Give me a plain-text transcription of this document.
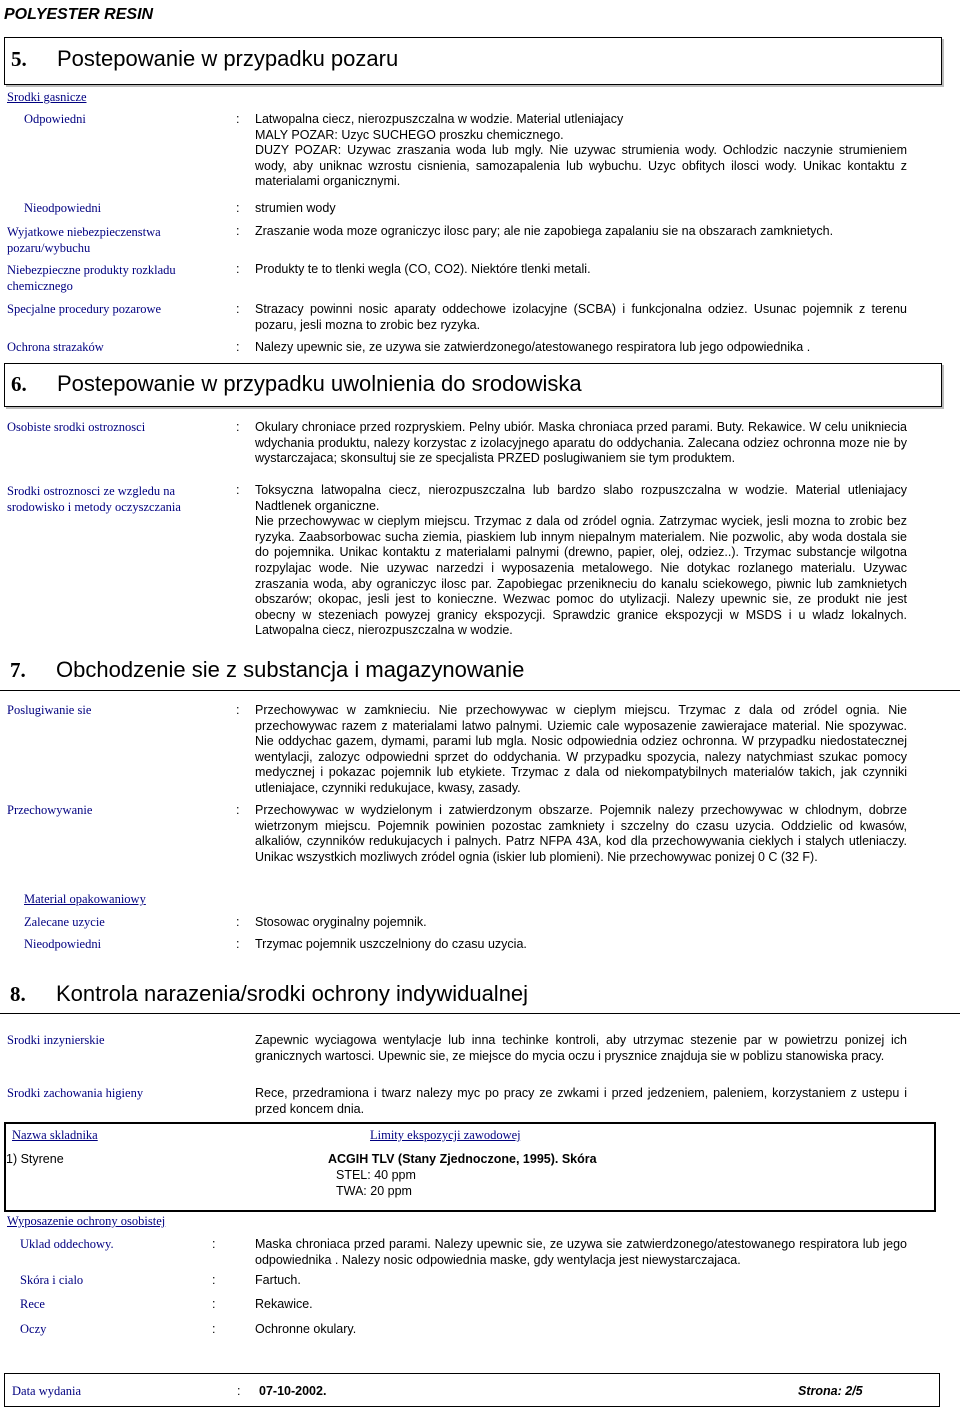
POLYESTER RESIN
5. Postepowanie w przypadku pozaru
Srodki gasnicze
Odpowiedni	: Latwopalna ciecz, nierozpuszczalna w wodzie. Material utleniajacy
MALY POZAR: Uzyc SUCHEGO proszku chemicznego.
DUZY POZAR: Uzywac zraszania woda lub mgly. Nie uzywac strumienia wody. Ochlodzic naczynie strumieniem wody, aby uniknac wzrostu cisnienia, samozapalenia lub wybuchu. Uzyc obfitych ilosci wody. Unikac kontaktu z materialami organicznymi.
Nieodpowiedni	: strumien wody
Wyjatkowe niebezpieczenstwa pozaru/wybuchu
: Zraszanie woda moze ograniczyc ilosc pary; ale nie zapobiega zapalaniu sie na obszarach zamknietych.
Niebezpieczne produkty rozkladu chemicznego
: Produkty te to tlenki wegla (CO, CO2). Niektóre tlenki metali.
Specjalne procedury pozarowe	: Strazacy powinni nosic aparaty oddechowe izolacyjne (SCBA) i funkcjonalna odziez. Usunac pojemnik z terenu pozaru, jesli mozna to zrobic bez ryzyka.
Ochrona strazaków	: Nalezy upewnic sie, ze uzywa sie zatwierdzonego/atestowanego respiratora lub jego odpowiednika .
6. Postepowanie w przypadku uwolnienia do srodowiska
Osobiste srodki ostroznosci	: Okulary chroniace przed rozpryskiem. Pelny ubiór. Maska chroniaca przed parami. Buty. Rekawice. W celu unikniecia wdychania produktu, nalezy korzystac z izolacyjnego aparatu do oddychania. Zalecana odziez ochronna moze nie by wystarczajaca; skonsultuj sie ze specjalista PRZED poslugiwaniem sie tym produktem.
Srodki ostroznosci ze wzgledu na srodowisko i metody oczyszczania
: Toksyczna latwopalna ciecz, nierozpuszczalna lub bardzo slabo rozpuszczalna w wodzie. Material utleniajacy Nadtlenek organiczne.
Nie przechowywac w cieplym miejscu. Trzymac z dala od zródel ognia. Zatrzymac wyciek, jesli mozna to zrobic bez ryzyka. Zaabsorbowac sucha ziemia, piaskiem lub innym niepalnym materialem. Nie pozwolic, aby woda dostala sie do pojemnika. Unikac kontaktu z materialami palnymi (drewno, papier, olej, odziez..). Trzymac substancje wilgotna rozpylajac wode. Nie uzywac narzedzi i wyposazenia metalowego. Nie dotykac rozlanego materialu. Uzywac zraszania woda, aby ograniczyc ilosc par. Zapobiegac przenikneciu do kanalu sciekowego, piwnic lub zamknietych obszarów; okopac, jesli jest to konieczne. Wezwac pomoc do utylizacji. Nalezy upewnic sie, ze produkt nie jest obecny w stezeniach powyzej granicy ekspozycji. Sprawdzic granice ekspozycji w MSDS i u wladz lokalnych. Latwopalna ciecz, nierozpuszczalna w wodzie.
7. Obchodzenie sie z substancja i magazynowanie
Poslugiwanie sie	: Przechowywac w zamknieciu. Nie przechowywac w cieplym miejscu. Trzymac z dala od zródel ognia. Nie przechowywac razem z materialami latwo palnymi. Uziemic cale wyposazenie zawierajace material. Nie spozywac. Nie oddychac gazem, dymami, parami lub mgla. Nosic odpowiednia odziez ochronna. W przypadku niedostatecznej wentylacji, zalozyc odpowiedni sprzet do oddychania. W przypadku spozycia, nalezy natychmiast szukac pomocy medycznej i pokazac pojemnik lub etykiete. Trzymac z dala od niekompatybilnych materialów takich, jak czynniki utleniajace, czynniki redukujace, kwasy, zasady.
Przechowywanie	: Przechowywac w wydzielonym i zatwierdzonym obszarze. Pojemnik nalezy przechowywac w chlodnym, dobrze wietrzonym miejscu. Pojemnik powinien pozostac zamkniety i szczelny do czasu uzycia. Oddzielic od kwasów, alkaliów, czynników redukujacych i palnych. Patrz NFPA 43A, kod dla przechowywania cieklych i stalych utleniaczy. Unikac wszystkich mozliwych zródel ognia (iskier lub plomieni). Nie przechowywac ponizej 0 C (32 F).
Material opakowaniowy
Zalecane uzycie	: Stosowac oryginalny pojemnik.
Nieodpowiedni	: Trzymac pojemnik uszczelniony do czasu uzycia.
8. Kontrola narazenia/srodki ochrony indywidualnej
Srodki inzynierskie	Zapewnic wyciagowa wentylacje lub inna techinke kontroli, aby utrzymac stezenie par w powietrzu ponizej ich granicznych wartosci. Upewnic sie, ze miejsce do mycia oczu i prysznice znajduja sie w poblizu stanowiska pracy.
Srodki zachowania higieny	Rece, przedramiona i twarz nalezy myc po pracy ze zwkami i przed jedzeniem, paleniem, korzystaniem z ustepu i przed koncem dnia.
Nazwa skladnika	Limity ekspozycji zawodowej
1) Styrene	ACGIH TLV (Stany Zjednoczone, 1995). Skóra
STEL: 40 ppm
TWA: 20 ppm
Wyposazenie ochrony osobistej
Uklad oddechowy.	:	Maska chroniaca przed parami. Nalezy upewnic sie, ze uzywa sie zatwierdzonego/atestowanego respiratora lub jego odpowiednika . Nalezy nosic odpowiednia maske, gdy wentylacja jest niewystarczajaca.
Skóra i cialo	:	Fartuch.
Rece	:	Rekawice.
Oczy	:	Ochronne okulary.
Data wydania	: 07-10-2002.	Strona: 2/5
